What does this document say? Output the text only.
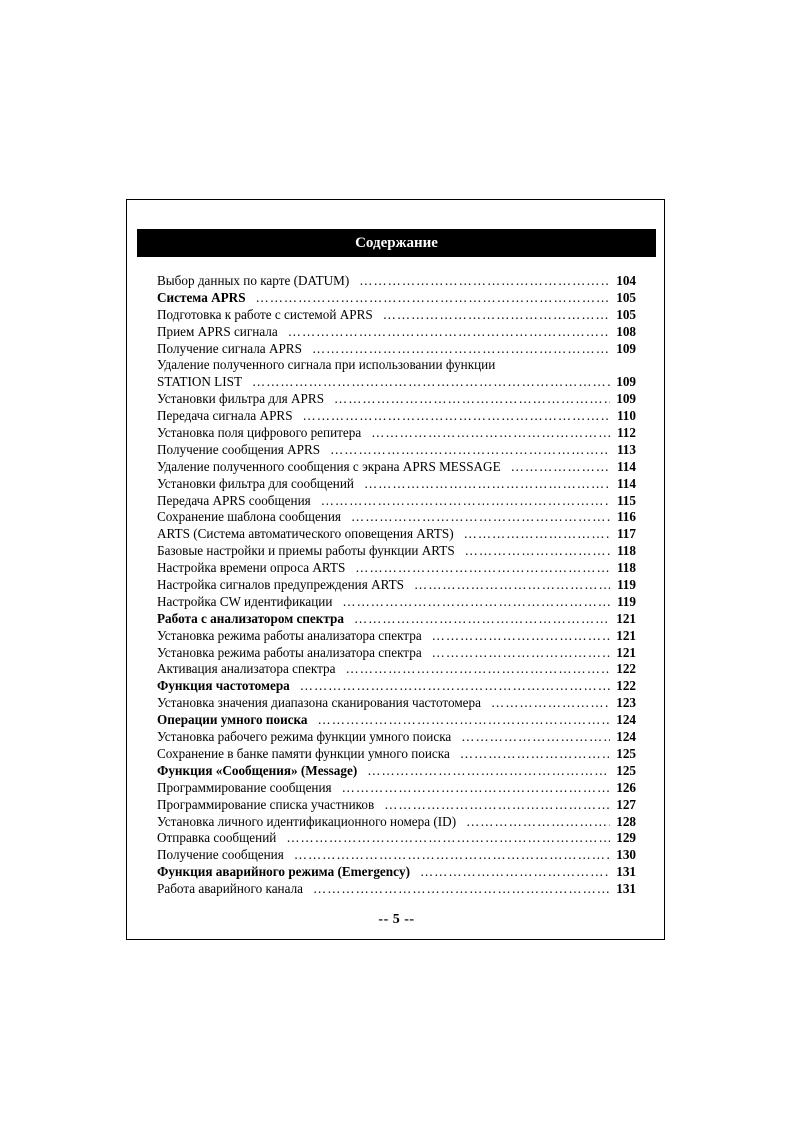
Содержание
Выбор данных по карте (DATUM) ……………………………………………………………………………………………………………………	104
Система APRS ……………………………………………………………………………………………………………………	105
Подготовка к работе с системой APRS ……………………………………………………………………………………………………………………	105
Прием APRS сигнала ……………………………………………………………………………………………………………………	108
Получение сигнала APRS ……………………………………………………………………………………………………………………	109
Удаление полученного сигнала при использовании функции
STATION LIST ……………………………………………………………………………………………………………………	109
Установки фильтра для APRS ……………………………………………………………………………………………………………………	109
Передача сигнала APRS ……………………………………………………………………………………………………………………	110
Установка поля цифрового репитера ……………………………………………………………………………………………………………………	112
Получение сообщения APRS ……………………………………………………………………………………………………………………	113
Удаление полученного сообщения с экрана APRS MESSAGE ……………………………………………………………………………………………………………………	114
Установки фильтра для сообщений ……………………………………………………………………………………………………………………	114
Передача APRS сообщения ……………………………………………………………………………………………………………………	115
Сохранение шаблона сообщения ……………………………………………………………………………………………………………………	116
ARTS (Система автоматического оповещения ARTS) ……………………………………………………………………………………………………………………	117
Базовые настройки и приемы работы функции ARTS ……………………………………………………………………………………………………………………	118
Настройка времени опроса ARTS ……………………………………………………………………………………………………………………	118
Настройка сигналов предупреждения ARTS ……………………………………………………………………………………………………………………	119
Настройка CW идентификации ……………………………………………………………………………………………………………………	119
Работа с анализатором спектра ……………………………………………………………………………………………………………………	121
Установка режима работы анализатора спектра ……………………………………………………………………………………………………………………	121
Установка режима работы анализатора спектра ……………………………………………………………………………………………………………………	121
Активация анализатора спектра ……………………………………………………………………………………………………………………	122
Функция частотомера ……………………………………………………………………………………………………………………	122
Установка значения диапазона сканирования частотомера ……………………………………………………………………………………………………………………	123
Операции умного поиска ……………………………………………………………………………………………………………………	124
Установка рабочего режима функции умного поиска ……………………………………………………………………………………………………………………	124
Сохранение в банке памяти функции умного поиска ……………………………………………………………………………………………………………………	125
Функция «Сообщения» (Message) ……………………………………………………………………………………………………………………	125
Программирование сообщения ……………………………………………………………………………………………………………………	126
Программирование списка участников ……………………………………………………………………………………………………………………	127
Установка личного идентификационного номера (ID) ……………………………………………………………………………………………………………………	128
Отправка сообщений ……………………………………………………………………………………………………………………	129
Получение сообщения ……………………………………………………………………………………………………………………	130
Функция аварийного режима (Emergency) ……………………………………………………………………………………………………………………	131
Работа аварийного канала ……………………………………………………………………………………………………………………	131
-- 5 --
